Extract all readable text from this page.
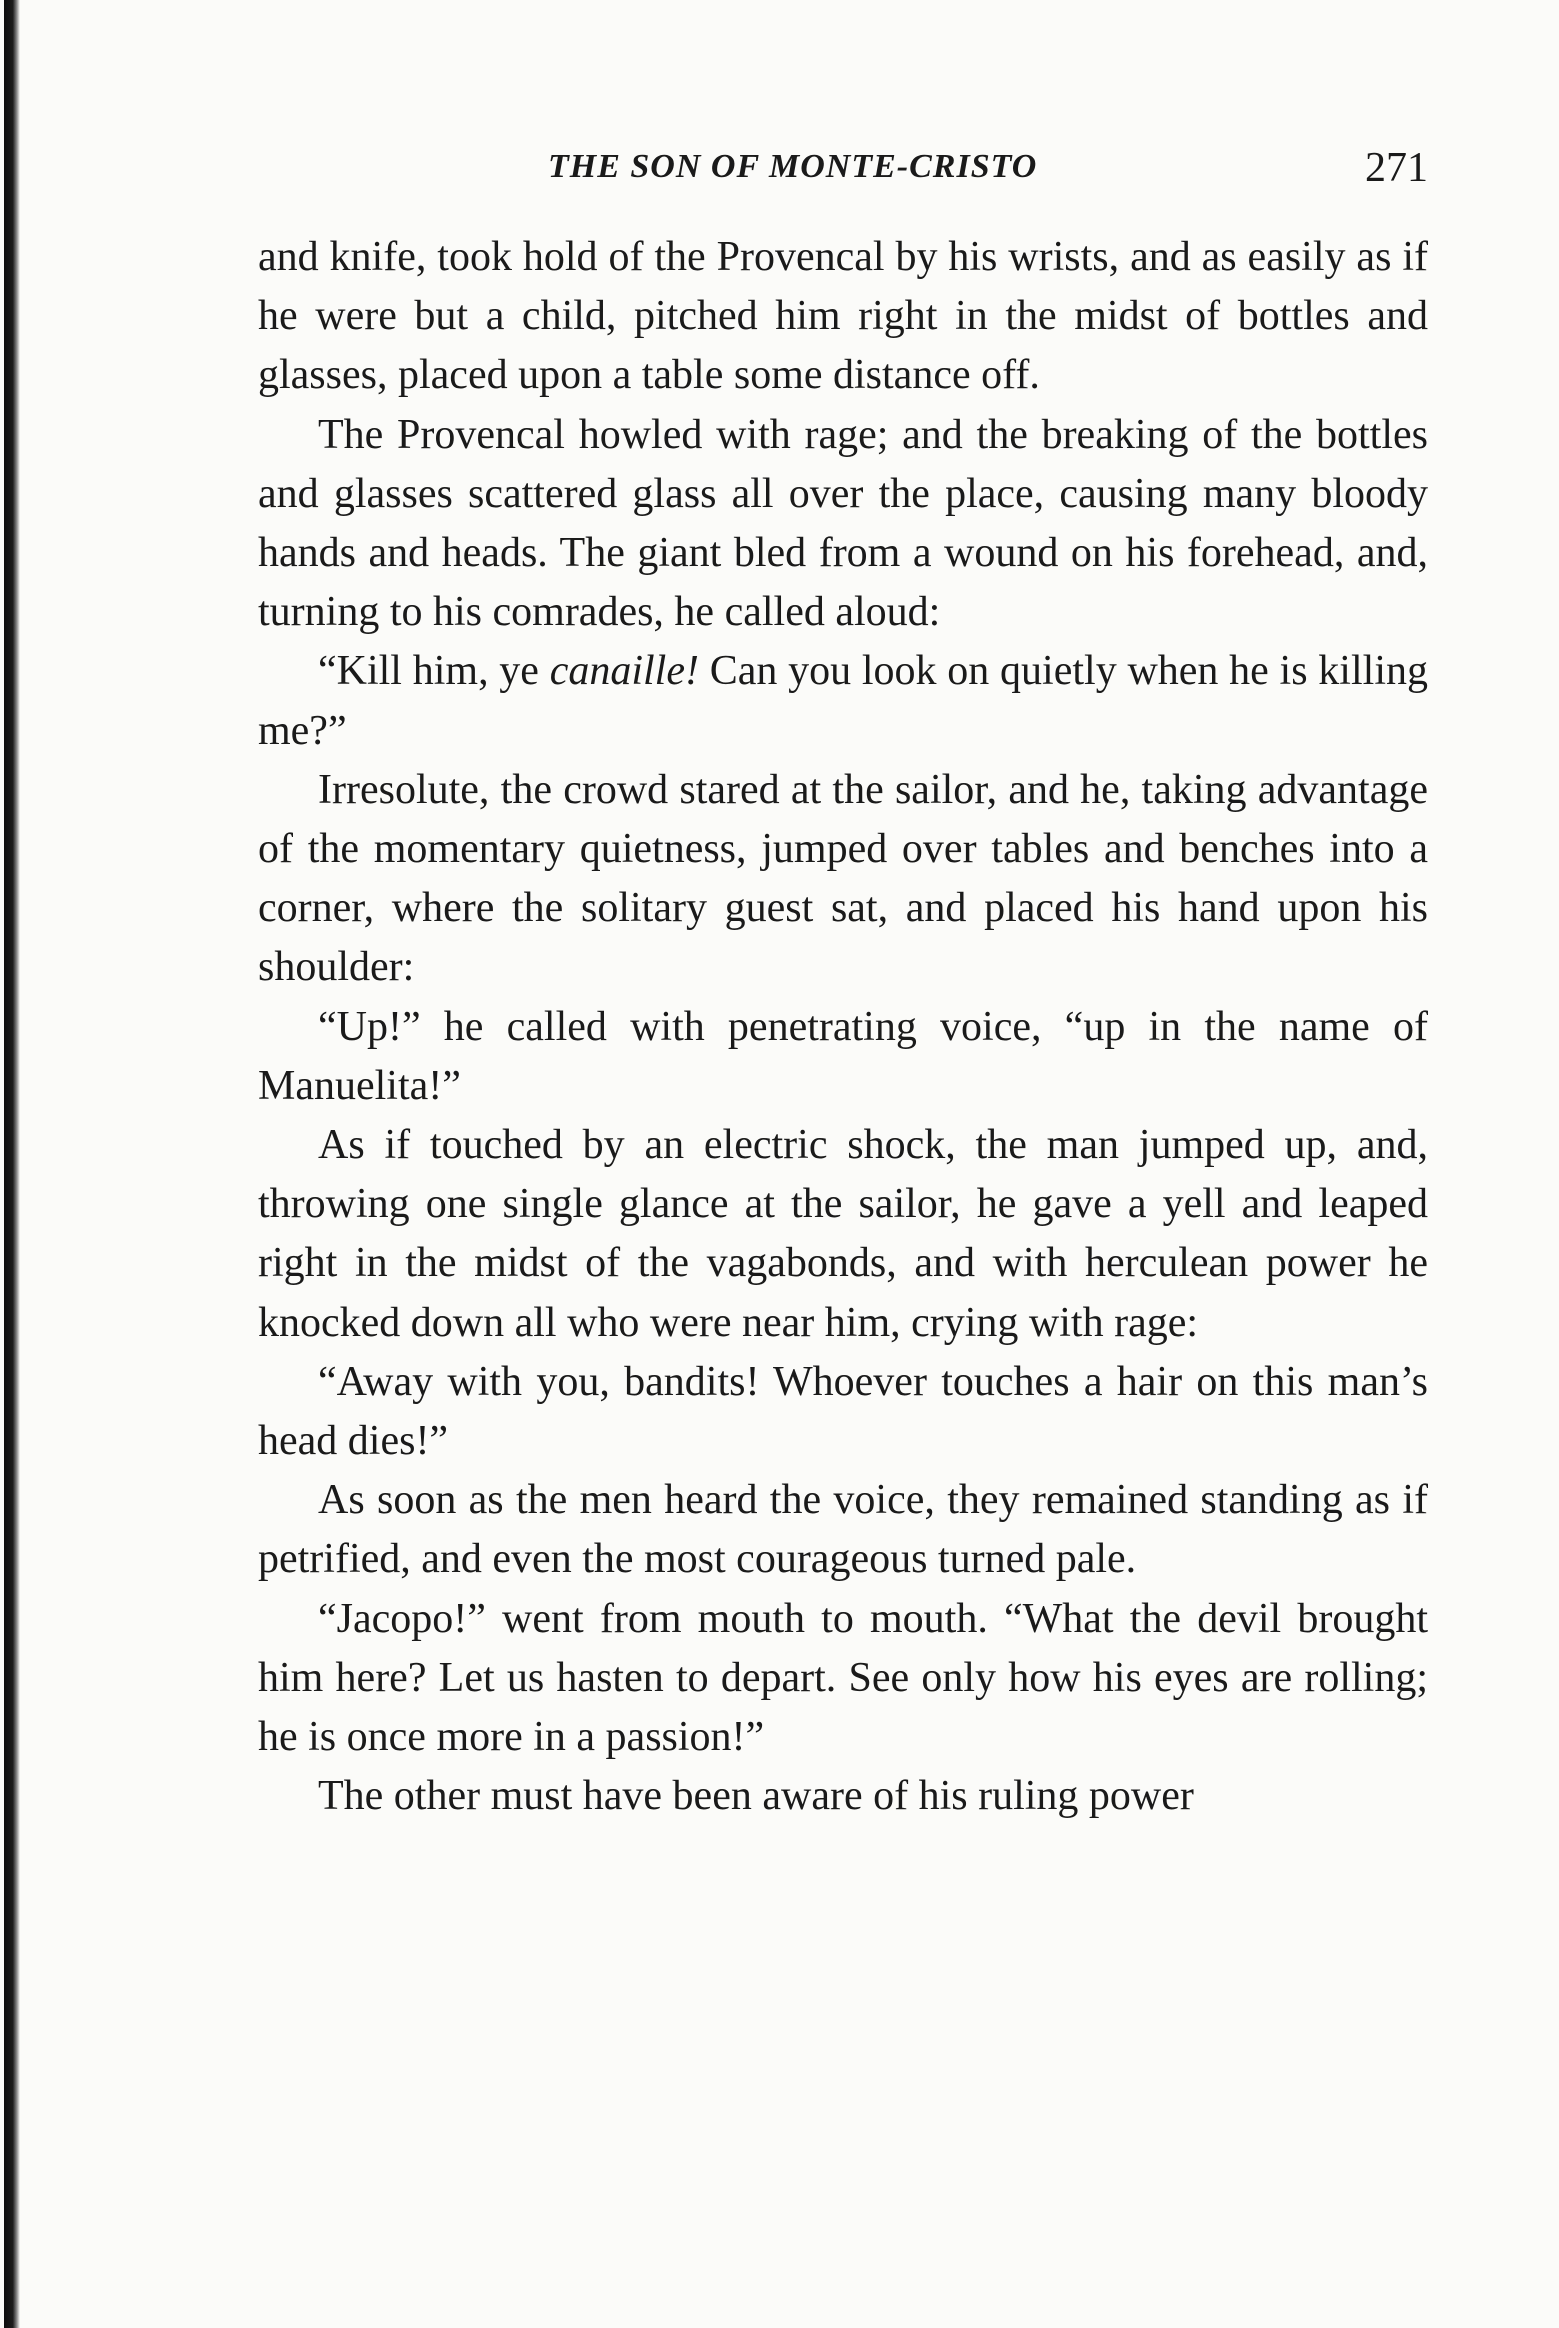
THE SON OF MONTE-CRISTO	271

and knife, took hold of the Provencal by his wrists, and as easily as if he were but a child, pitched him right in the midst of bottles and glasses, placed upon a table some distance off.

The Provencal howled with rage; and the breaking of the bottles and glasses scattered glass all over the place, causing many bloody hands and heads. The giant bled from a wound on his forehead, and, turning to his comrades, he called aloud:

“Kill him, ye canaille! Can you look on quietly when he is killing me?”

Irresolute, the crowd stared at the sailor, and he, taking advantage of the momentary quietness, jumped over tables and benches into a corner, where the solitary guest sat, and placed his hand upon his shoulder:

“Up!” he called with penetrating voice, “up in the name of Manuelita!”

As if touched by an electric shock, the man jumped up, and, throwing one single glance at the sailor, he gave a yell and leaped right in the midst of the vagabonds, and with herculean power he knocked down all who were near him, crying with rage:

“Away with you, bandits! Whoever touches a hair on this man’s head dies!”

As soon as the men heard the voice, they remained standing as if petrified, and even the most courageous turned pale.

“Jacopo!” went from mouth to mouth. “What the devil brought him here? Let us hasten to depart. See only how his eyes are rolling; he is once more in a passion!”

The other must have been aware of his ruling power
